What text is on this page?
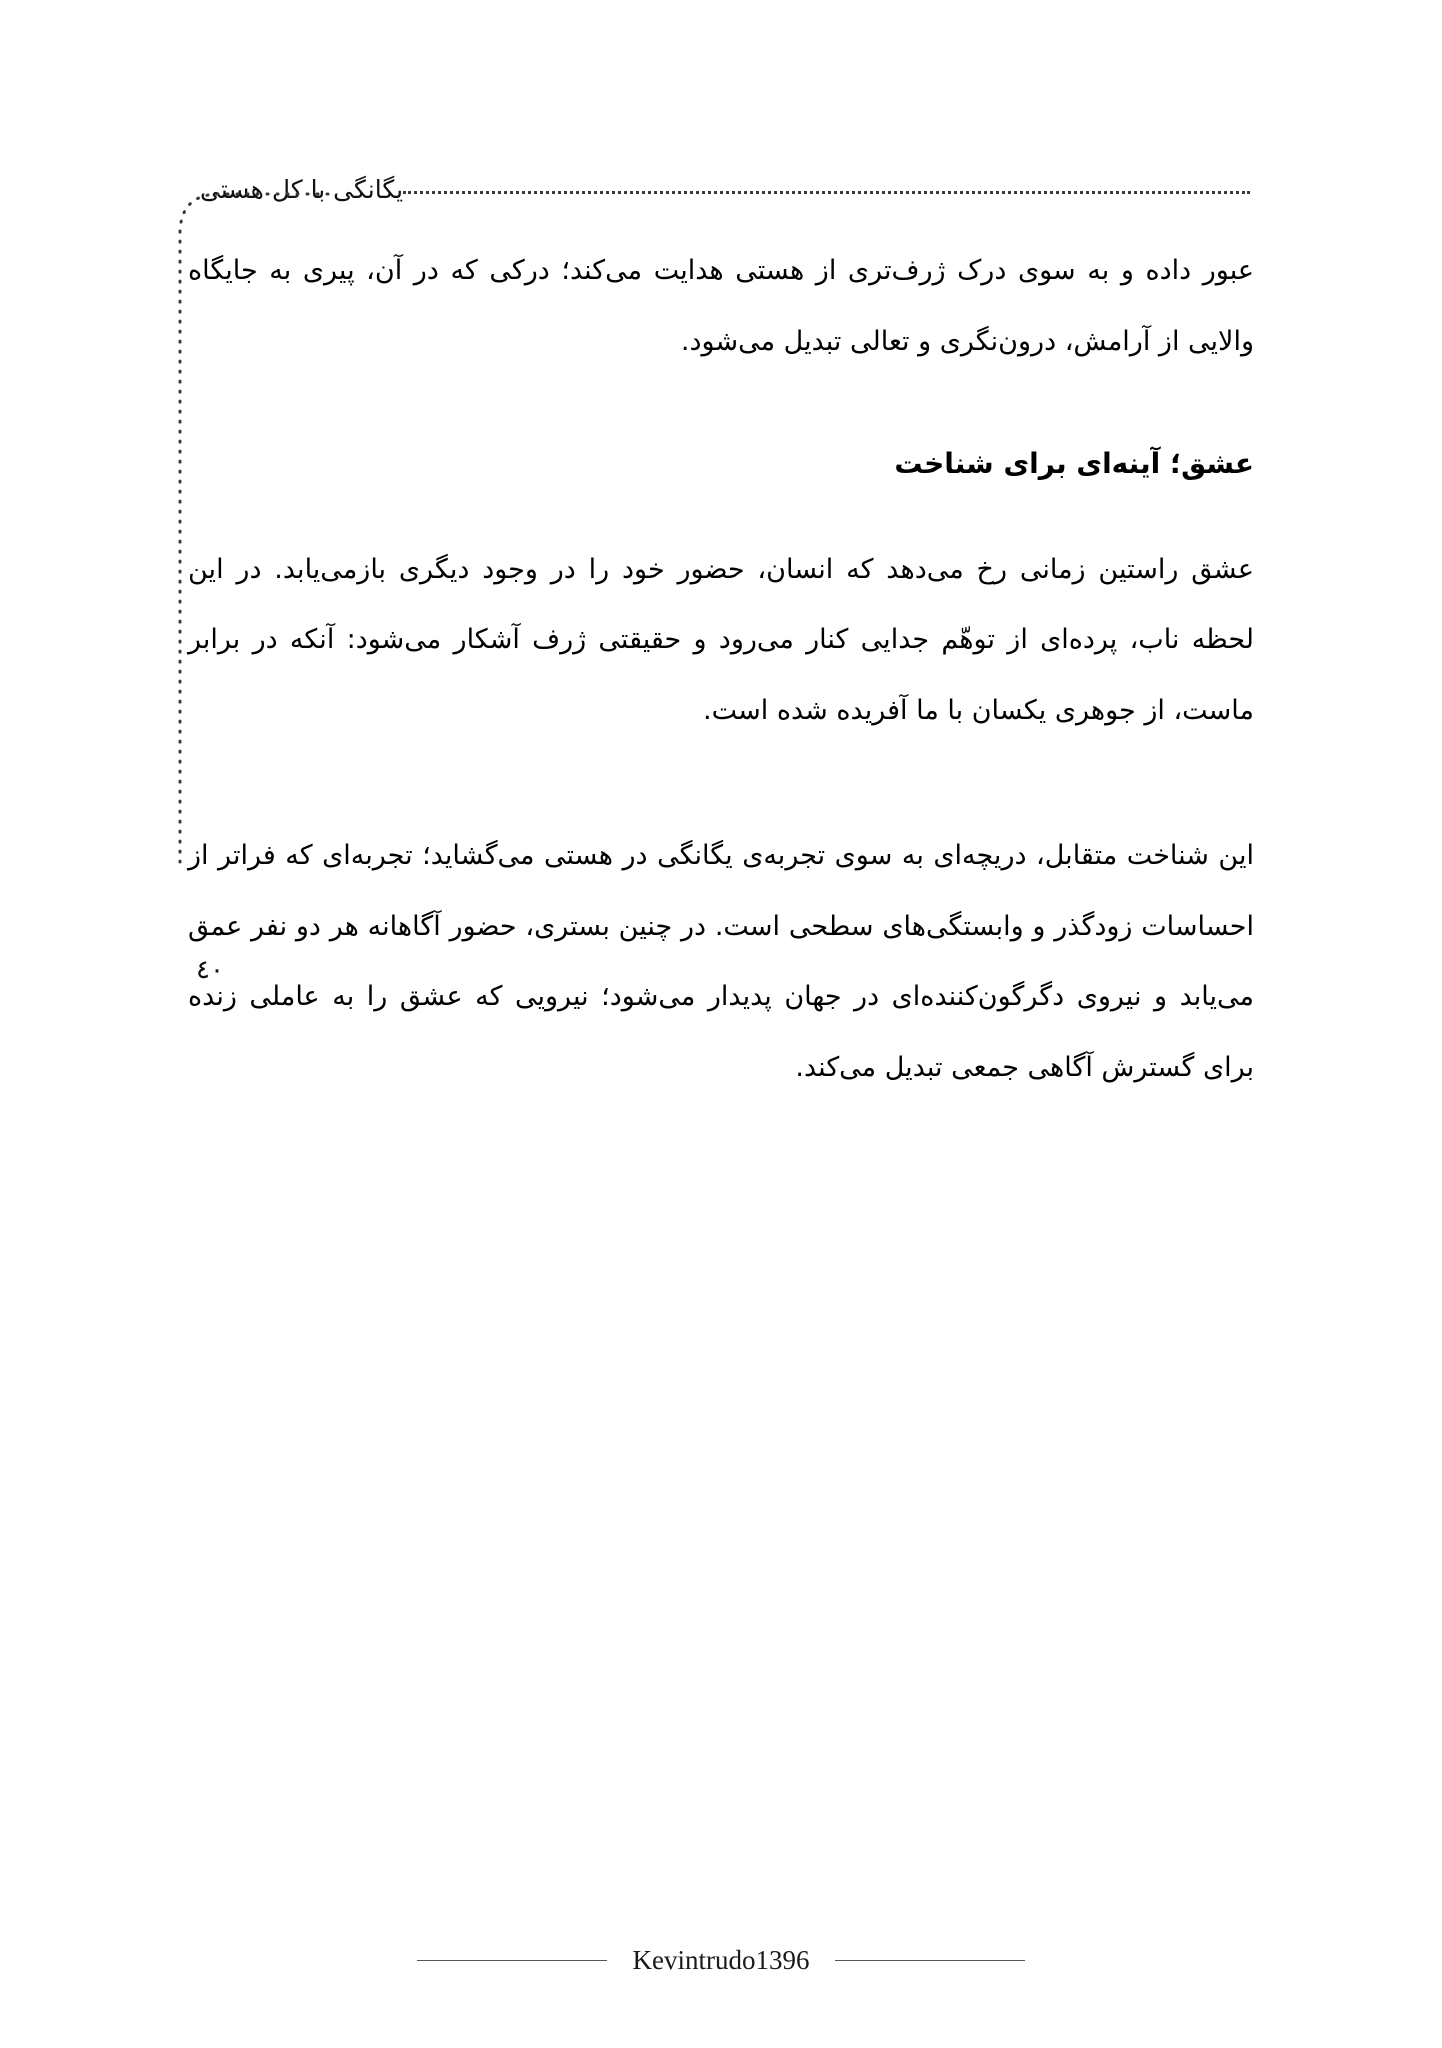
یگانگی با کل هستی

عبور داده و به سوی درک ژرف‌تری از هستی هدایت می‌کند؛ درکی که در آن، پیری به جایگاه والایی از آرامش، درون‌نگری و تعالی تبدیل می‌شود.

عشق؛ آینه‌ای برای شناخت

عشق راستین زمانی رخ می‌دهد که انسان، حضور خود را در وجود دیگری بازمی‌یابد. در این لحظه ناب، پرده‌ای از توهّم جدایی کنار می‌رود و حقیقتی ژرف آشکار می‌شود: آنکه در برابر ماست، از جوهری یکسان با ما آفریده شده است.

این شناخت متقابل، دریچه‌ای به سوی تجربه‌ی یگانگی در هستی می‌گشاید؛ تجربه‌ای که فراتر از احساسات زودگذر و وابستگی‌های سطحی است. در چنین بستری، حضور آگاهانه هر دو نفر عمق می‌یابد و نیروی دگرگون‌کننده‌ای در جهان پدیدار می‌شود؛ نیرویی که عشق را به عاملی زنده برای گسترش آگاهی جمعی تبدیل می‌کند.

٤٠
Kevintrudo1396
